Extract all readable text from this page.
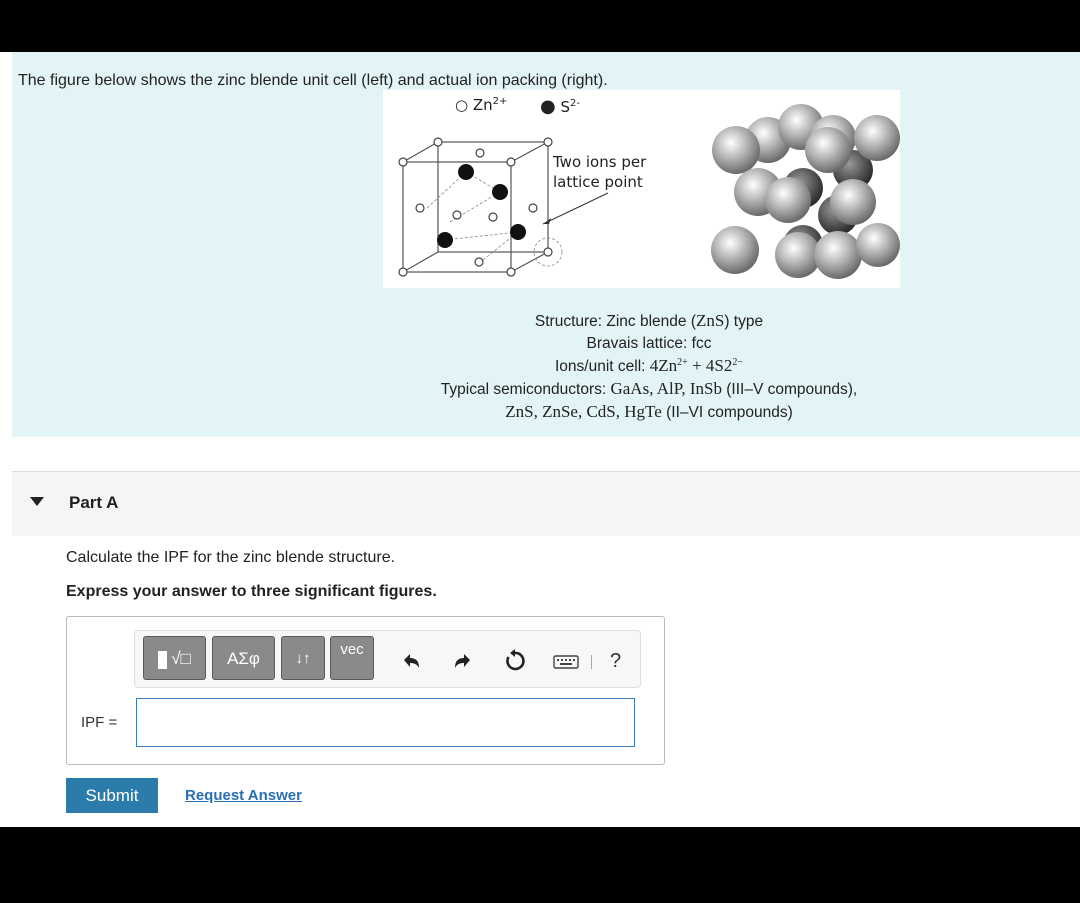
The figure below shows the zinc blende unit cell (left) and actual ion packing (right).
○ $Zn^{2+}$ ● $S^{2-}$
Two ions per
lattice point
Structure: Zinc blende (ZnS) type
Bravais lattice: fcc
Ions/unit cell: $4Zn^{2+} + 4S2^{2-}$
Typical semiconductors: GaAs, AlP, InSb (III–V compounds),
ZnS, ZnSe, CdS, HgTe (II–VI compounds)
Part A
Calculate the IPF for the zinc blende structure.
Express your answer to three significant figures.
√□	AΣφ	↓↑
vec
?
IPF =
Submit	Request Answer
